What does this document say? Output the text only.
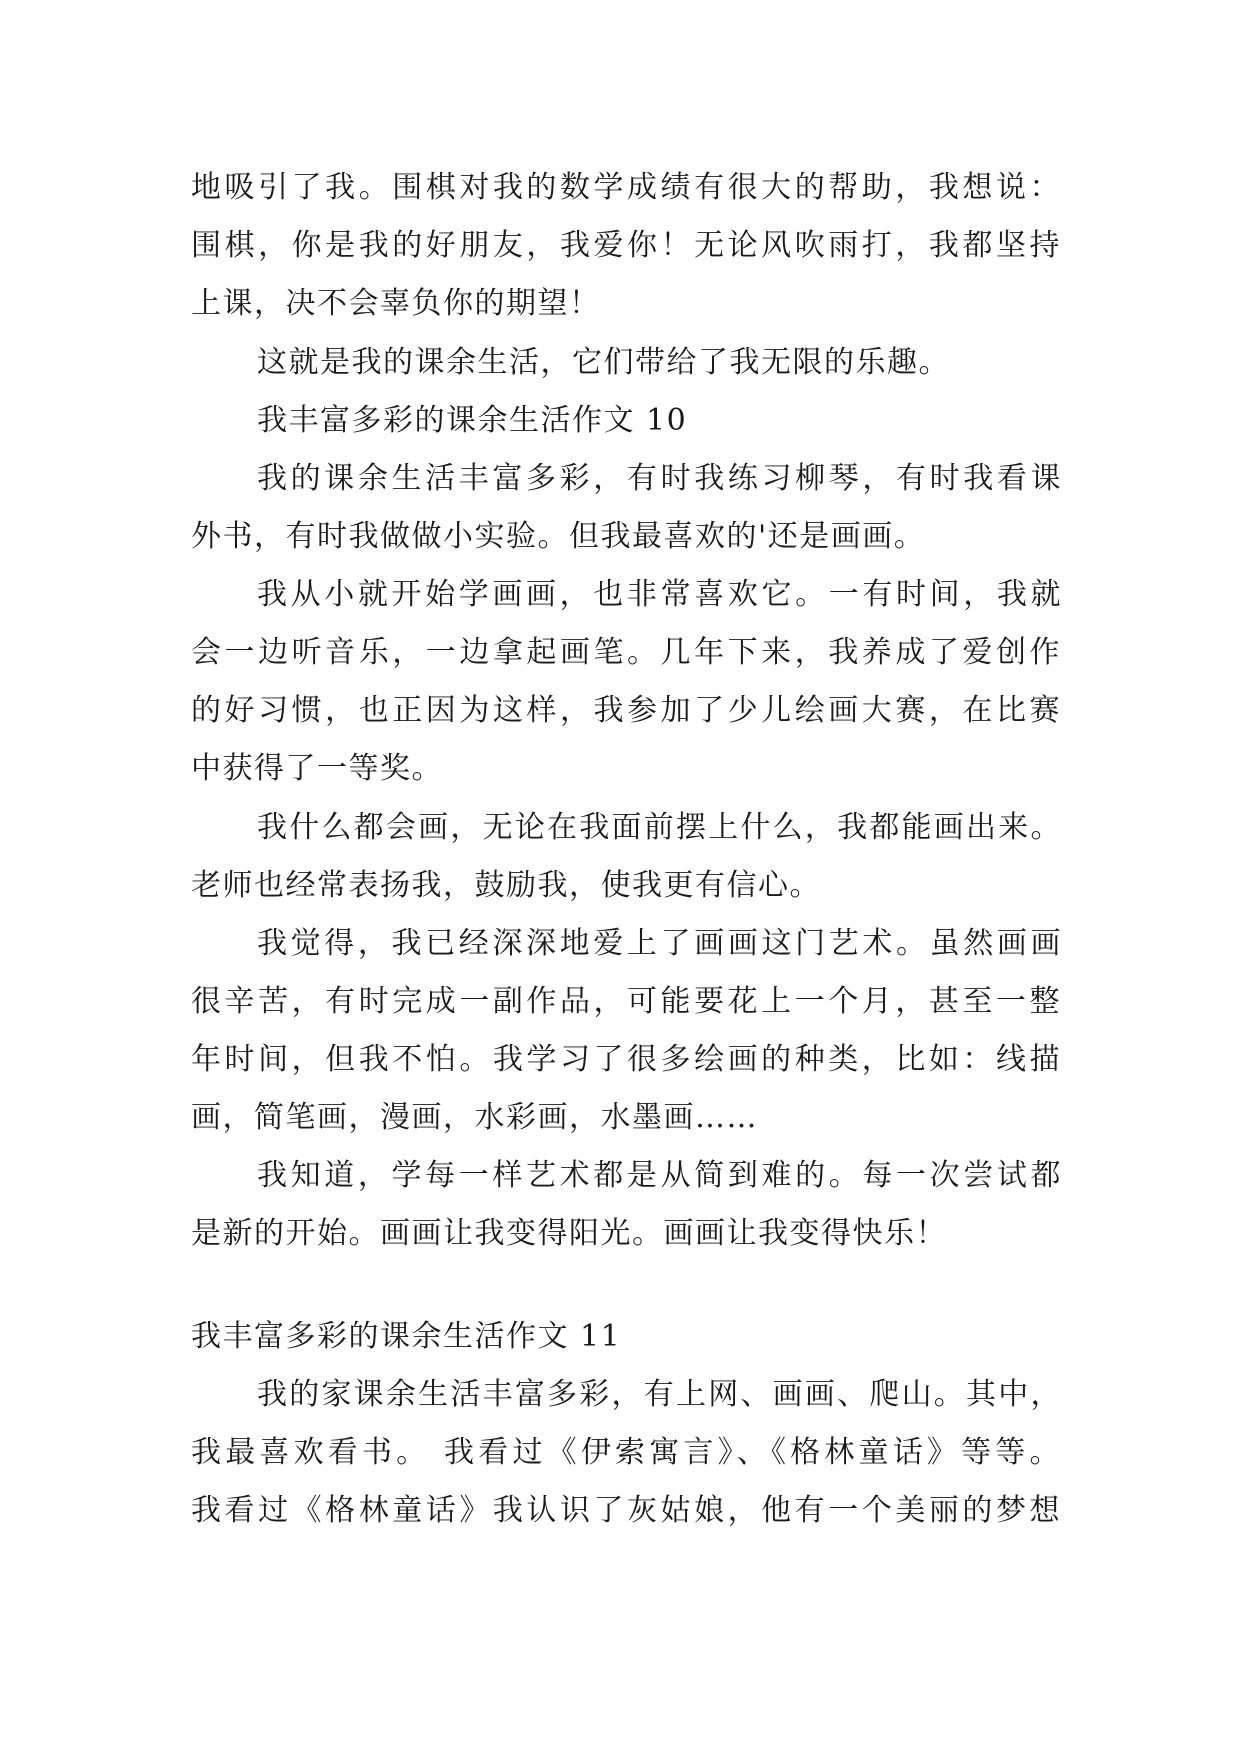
地吸引了我。围棋对我的数学成绩有很大的帮助，我想说：
围棋，你是我的好朋友，我爱你！无论风吹雨打，我都坚持
上课，决不会辜负你的期望！
这就是我的课余生活，它们带给了我无限的乐趣。
我丰富多彩的课余生活作文 10
我的课余生活丰富多彩，有时我练习柳琴，有时我看课
外书，有时我做做小实验。但我最喜欢的'还是画画。
我从小就开始学画画，也非常喜欢它。一有时间，我就
会一边听音乐，一边拿起画笔。几年下来，我养成了爱创作
的好习惯，也正因为这样，我参加了少儿绘画大赛，在比赛
中获得了一等奖。
我什么都会画，无论在我面前摆上什么，我都能画出来。
老师也经常表扬我，鼓励我，使我更有信心。
我觉得，我已经深深地爱上了画画这门艺术。虽然画画
很辛苦，有时完成一副作品，可能要花上一个月，甚至一整
年时间，但我不怕。我学习了很多绘画的种类，比如：线描
画，简笔画，漫画，水彩画，水墨画……
我知道，学每一样艺术都是从简到难的。每一次尝试都
是新的开始。画画让我变得阳光。画画让我变得快乐！
我丰富多彩的课余生活作文 11
我的家课余生活丰富多彩，有上网、画画、爬山。其中，
我最喜欢看书。 我看过《伊索寓言》、《格林童话》等等。
我看过《格林童话》我认识了灰姑娘，他有一个美丽的梦想
